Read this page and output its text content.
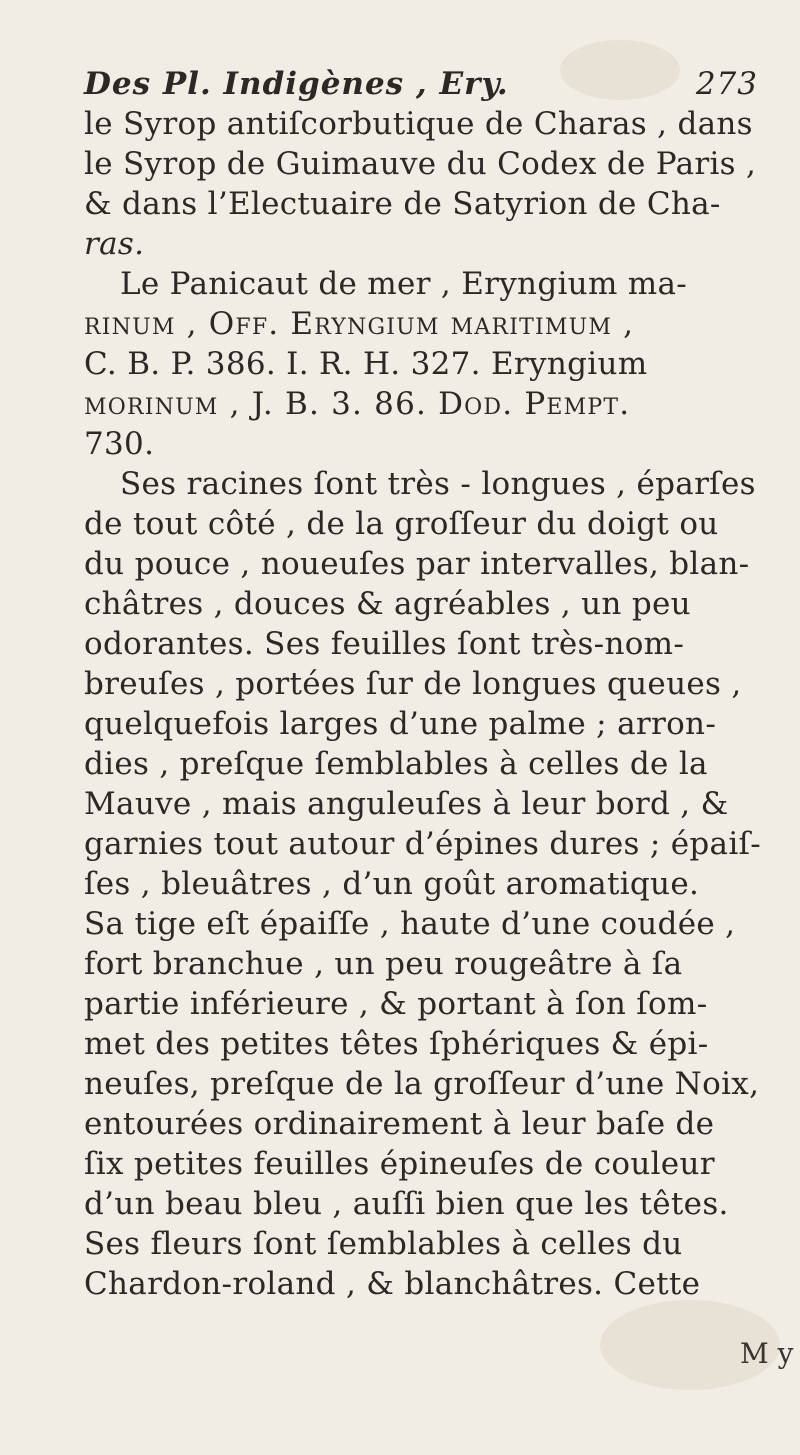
Des Pl. Indigènes , Ery.	273
le Syrop antiſcorbutique de Charas , dans
le Syrop de Guimauve du Codex de Paris ,
& dans l’Electuaire de Satyrion de Cha-
ras.
Le Panicaut de mer , Eryngium ma-
rinum , Off. Eryngium maritimum ,
C. B. P. 386. I. R. H. 327. Eryngium
morinum , J. B. 3. 86. Dod. Pempt.
730.
Ses racines ſont très - longues , éparſes
de tout côté , de la groſſeur du doigt ou
du pouce , noueuſes par intervalles, blan-
châtres , douces & agréables , un peu
odorantes. Ses feuilles ſont très-nom-
breuſes , portées ſur de longues queues ,
quelquefois larges d’une palme ; arron-
dies , preſque ſemblables à celles de la
Mauve , mais anguleuſes à leur bord , &
garnies tout autour d’épines dures ; épaiſ-
ſes , bleuâtres , d’un goût aromatique.
Sa tige eſt épaiſſe , haute d’une coudée ,
fort branchue , un peu rougeâtre à ſa
partie inférieure , & portant à ſon ſom-
met des petites têtes ſphériques & épi-
neuſes, preſque de la groſſeur d’une Noix,
entourées ordinairement à leur baſe de
ſix petites feuilles épineuſes de couleur
d’un beau bleu , auſſi bien que les têtes.
Ses fleurs ſont ſemblables à celles du
Chardon-roland , & blanchâtres. Cette
M y
